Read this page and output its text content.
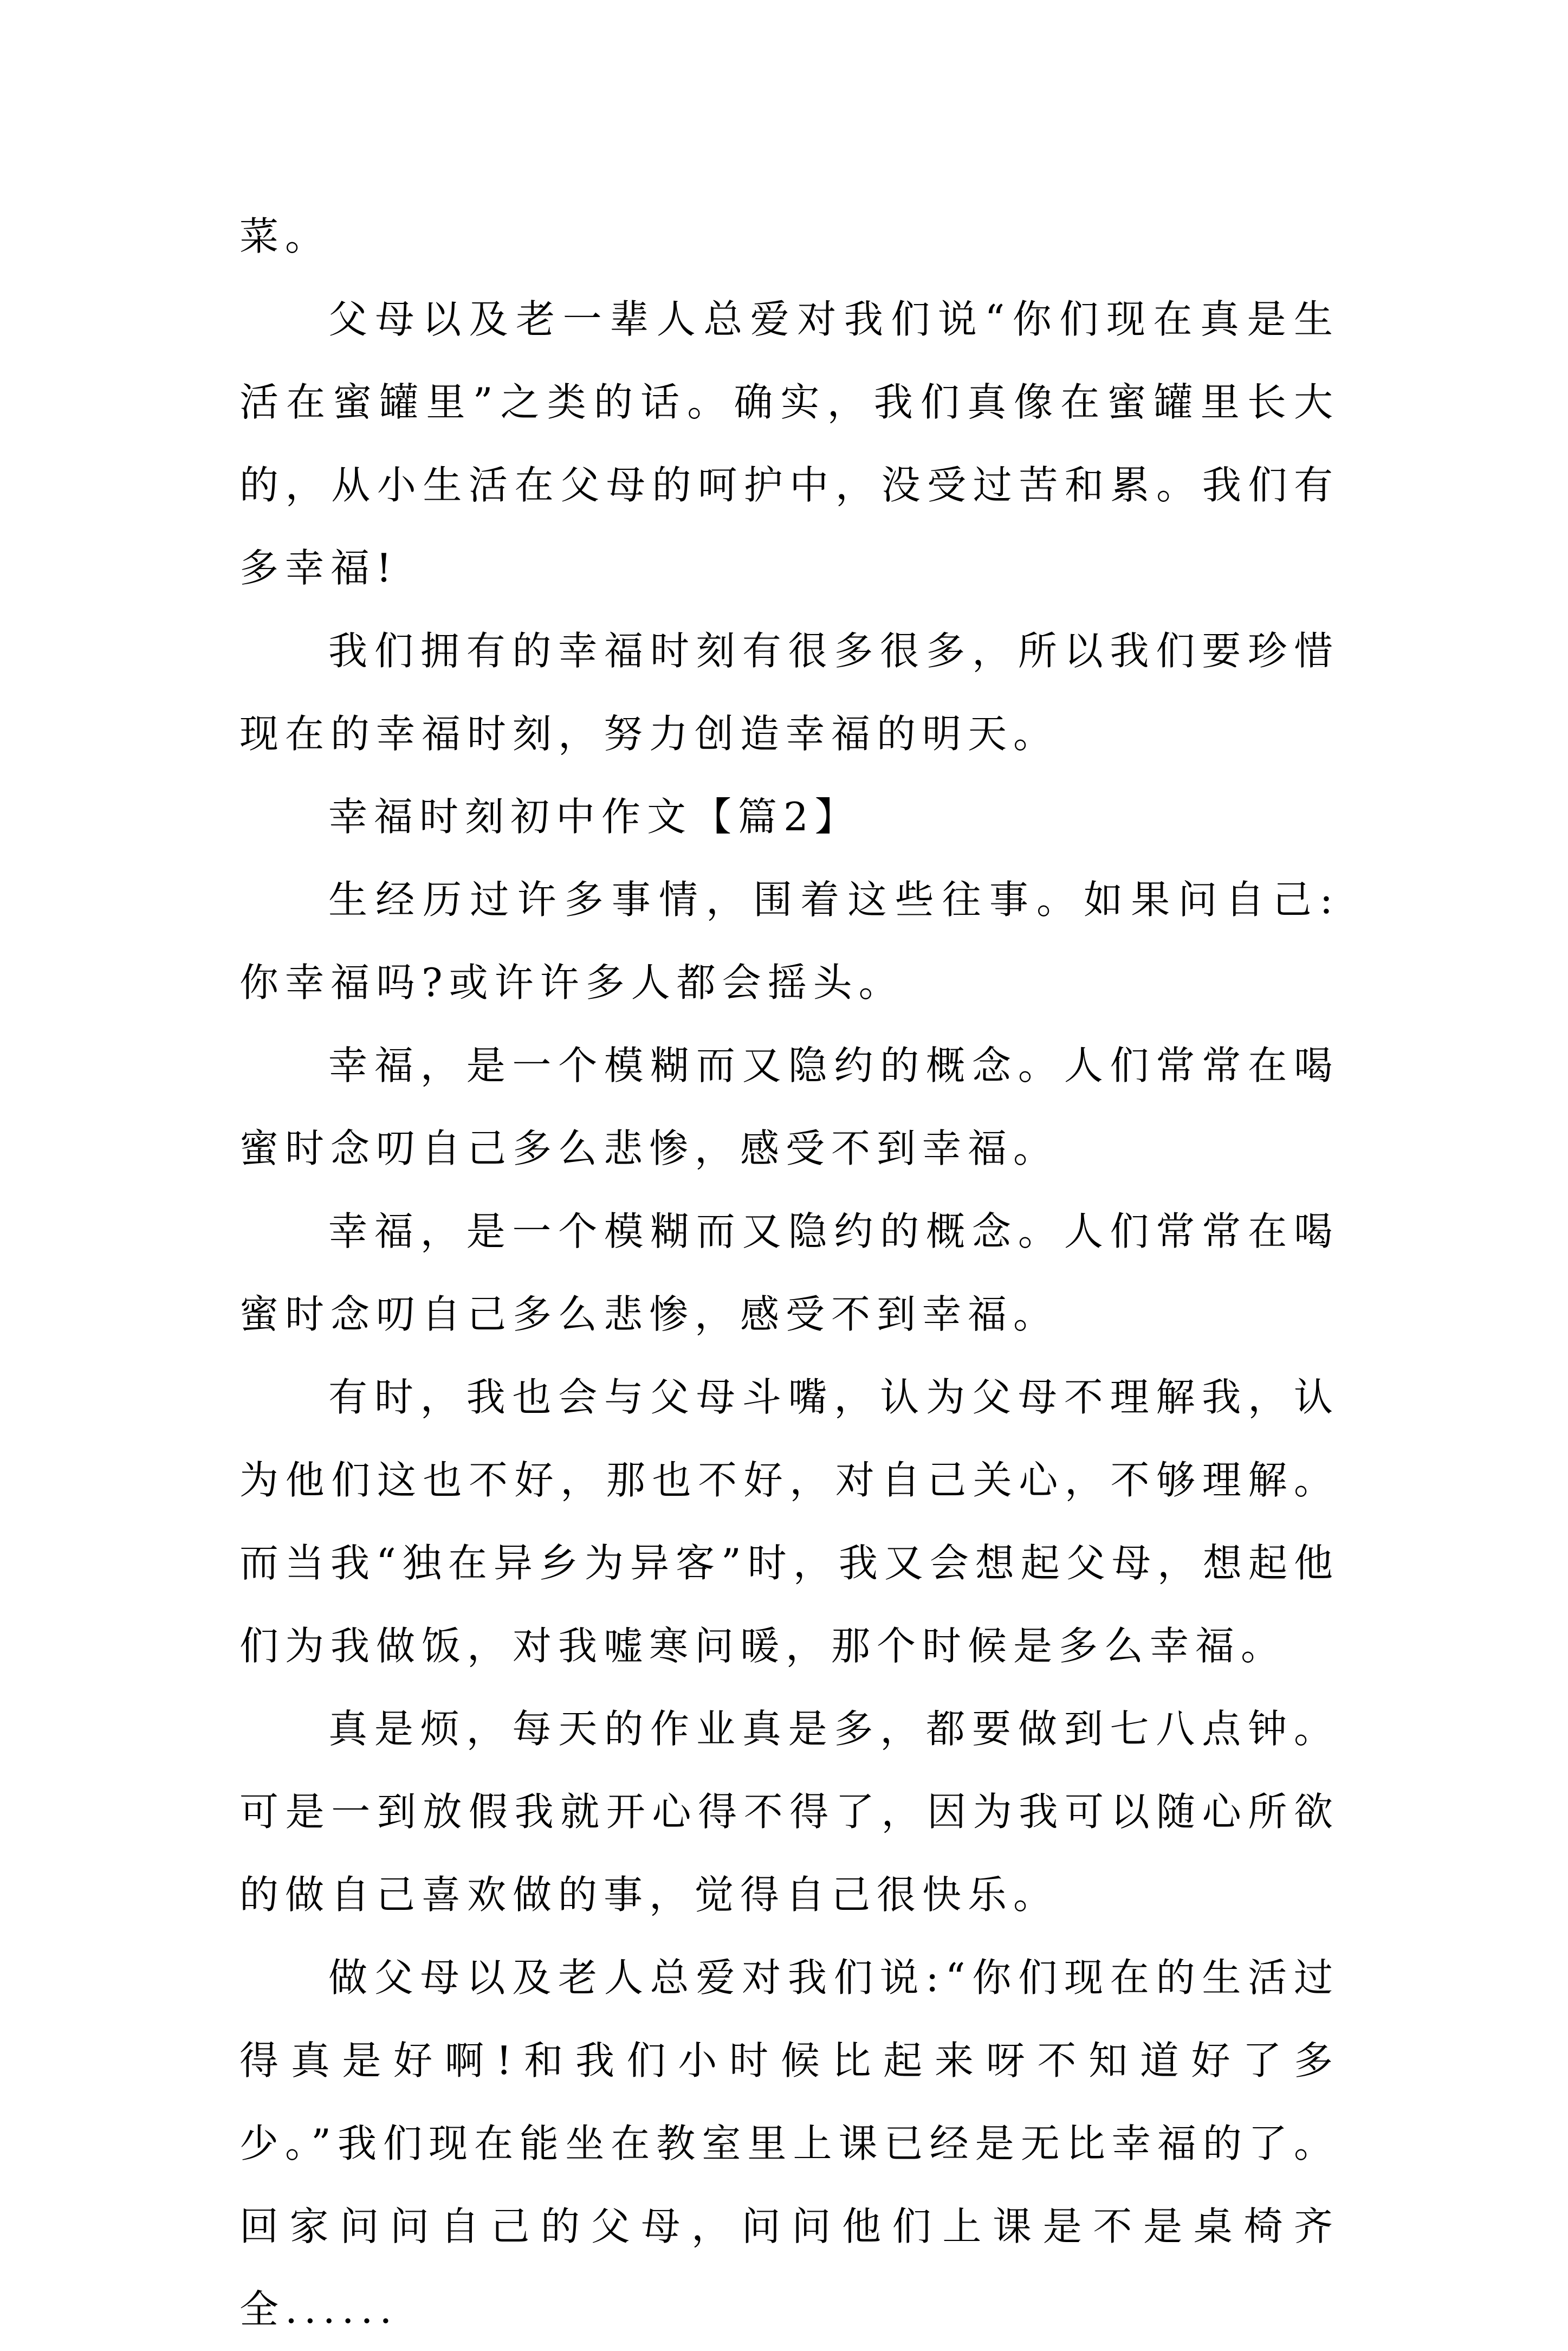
菜。

父母以及老一辈人总爱对我们说“你们现在真是生活在蜜罐里”之类的话。确实，我们真像在蜜罐里长大的，从小生活在父母的呵护中，没受过苦和累。我们有多幸福!

我们拥有的幸福时刻有很多很多，所以我们要珍惜现在的幸福时刻，努力创造幸福的明天。

幸福时刻初中作文【篇2】

生经历过许多事情，围着这些往事。如果问自己:你幸福吗?或许许多人都会摇头。

幸福，是一个模糊而又隐约的概念。人们常常在喝蜜时念叨自己多么悲惨，感受不到幸福。

幸福，是一个模糊而又隐约的概念。人们常常在喝蜜时念叨自己多么悲惨，感受不到幸福。

有时，我也会与父母斗嘴，认为父母不理解我，认为他们这也不好，那也不好，对自己关心，不够理解。而当我“独在异乡为异客”时，我又会想起父母，想起他们为我做饭，对我嘘寒问暖，那个时候是多么幸福。

真是烦，每天的作业真是多，都要做到七八点钟。可是一到放假我就开心得不得了，因为我可以随心所欲的做自己喜欢做的事，觉得自己很快乐。

做父母以及老人总爱对我们说:“你们现在的生活过得真是好啊!和我们小时候比起来呀不知道好了多少。”我们现在能坐在教室里上课已经是无比幸福的了。回家问问自己的父母，问问他们上课是不是桌椅齐全......
